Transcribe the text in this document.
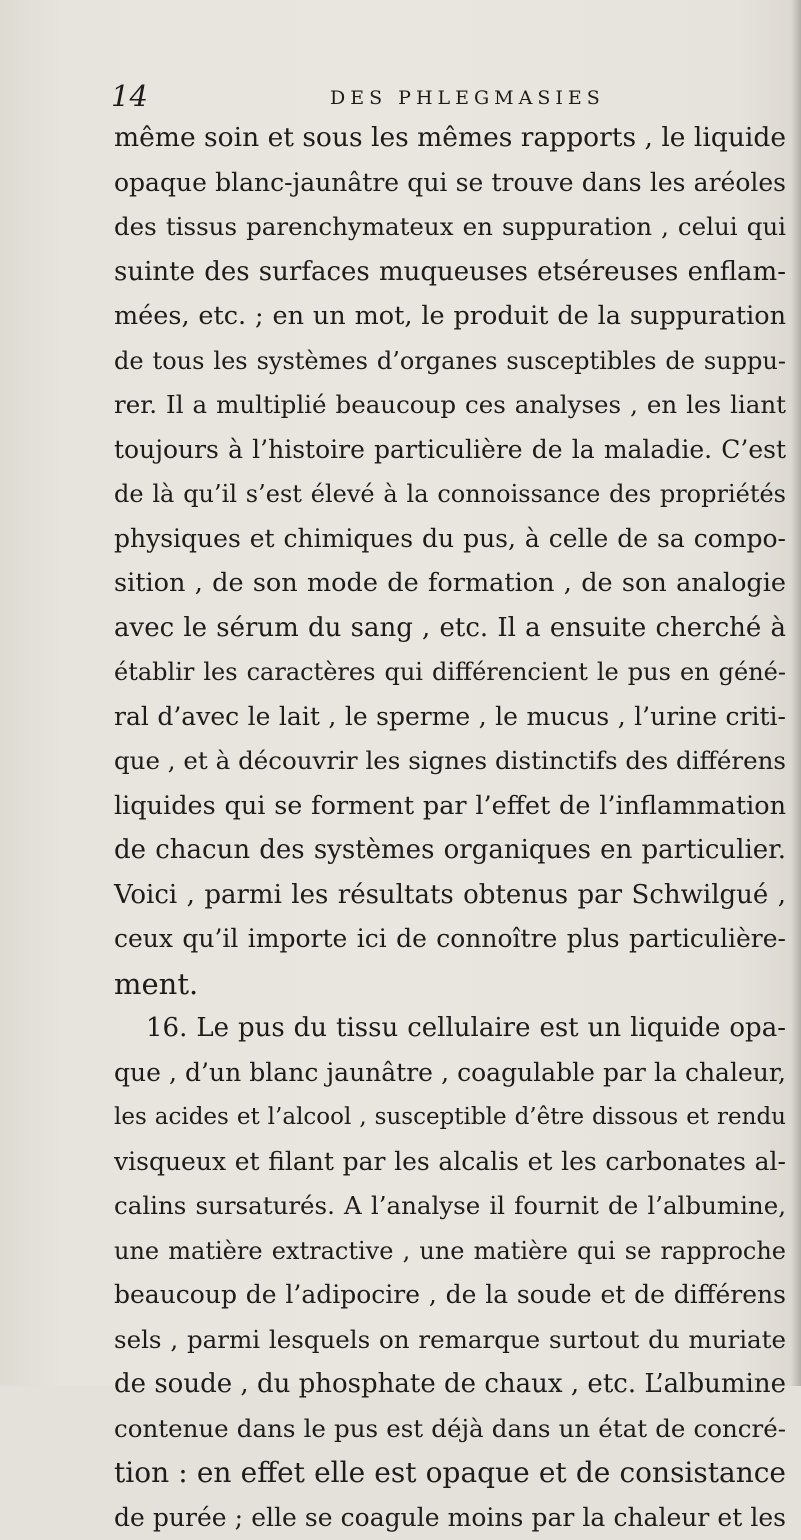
14	DES PHLEGMASIES
même soin et sous les mêmes rapports , le liquide
opaque blanc-jaunâtre qui se trouve dans les aréoles
des tissus parenchymateux en suppuration , celui qui
suinte des surfaces muqueuses etséreuses enflam-
mées, etc. ; en un mot, le produit de la suppuration
de tous les systèmes d’organes susceptibles de suppu-
rer. Il a multiplié beaucoup ces analyses , en les liant
toujours à l’histoire particulière de la maladie. C’est
de là qu’il s’est élevé à la connoissance des propriétés
physiques et chimiques du pus, à celle de sa compo-
sition , de son mode de formation , de son analogie
avec le sérum du sang , etc. Il a ensuite cherché à
établir les caractères qui différencient le pus en géné-
ral d’avec le lait , le sperme , le mucus , l’urine criti-
que , et à découvrir les signes distinctifs des différens
liquides qui se forment par l’effet de l’inflammation
de chacun des systèmes organiques en particulier.
Voici , parmi les résultats obtenus par Schwilgué ,
ceux qu’il importe ici de connoître plus particulière-
ment.
16. Le pus du tissu cellulaire est un liquide opa-
que , d’un blanc jaunâtre , coagulable par la chaleur,
les acides et l’alcool , susceptible d’être dissous et rendu
visqueux et filant par les alcalis et les carbonates al-
calins sursaturés. A l’analyse il fournit de l’albumine,
une matière extractive , une matière qui se rapproche
beaucoup de l’adipocire , de la soude et de différens
sels , parmi lesquels on remarque surtout du muriate
de soude , du phosphate de chaux , etc. L’albumine
contenue dans le pus est déjà dans un état de concré-
tion : en effet elle est opaque et de consistance
de purée ; elle se coagule moins par la chaleur et les
